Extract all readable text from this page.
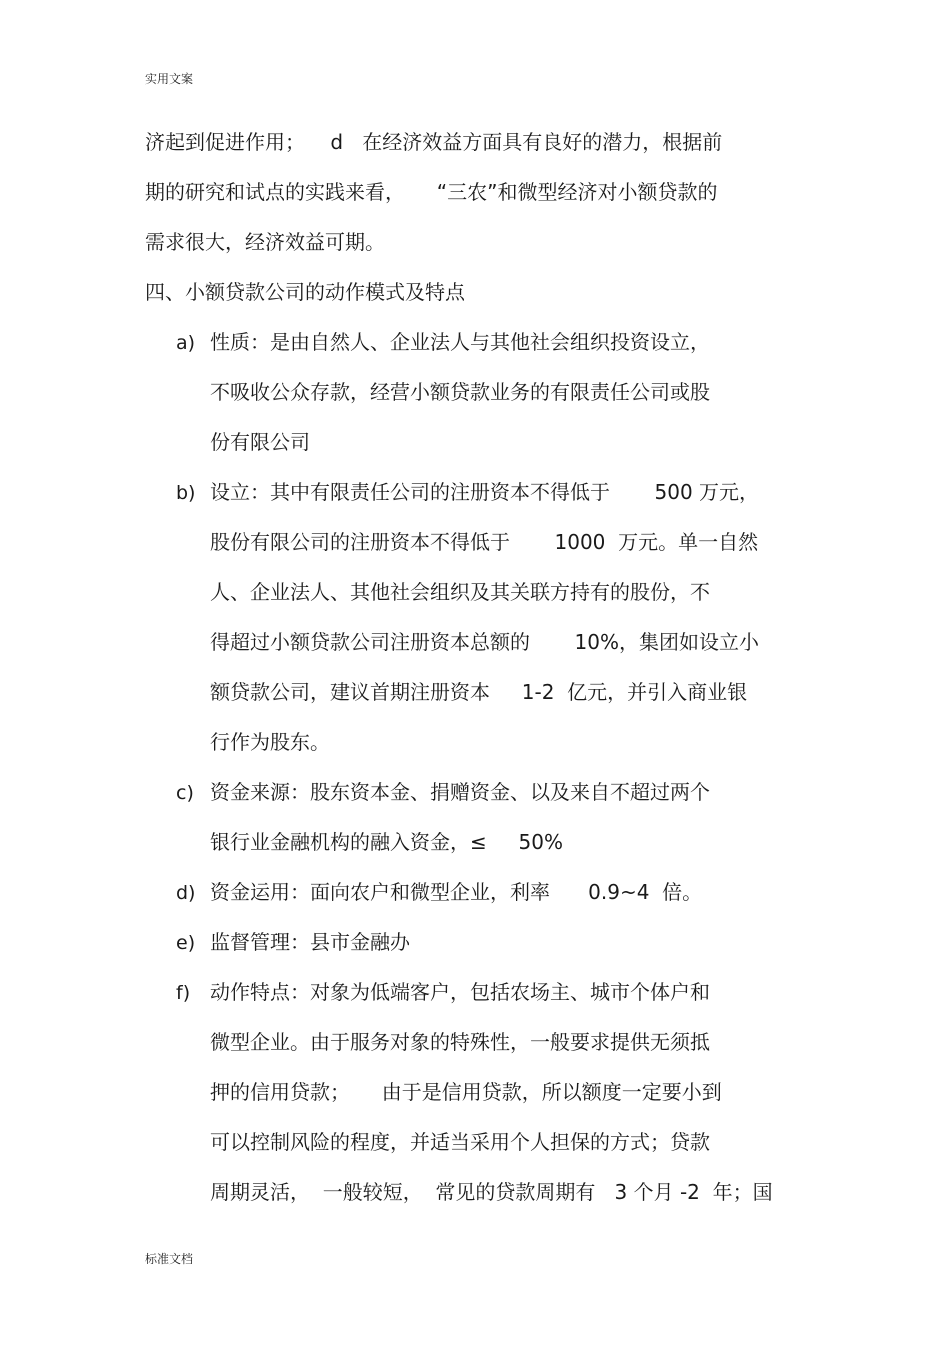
实用文案
济起到促进作用；    d   在经济效益方面具有良好的潜力，根据前
期的研究和试点的实践来看，     “三农”和微型经济对小额贷款的
需求很大，经济效益可期。
四、小额贷款公司的动作模式及特点
a) 性质：是由自然人、企业法人与其他社会组织投资设立，
不吸收公众存款，经营小额贷款业务的有限责任公司或股
份有限公司
b) 设立：其中有限责任公司的注册资本不得低于       500 万元，
股份有限公司的注册资本不得低于       1000  万元。单一自然
人、企业法人、其他社会组织及其关联方持有的股份，不
得超过小额贷款公司注册资本总额的       10%，集团如设立小
额贷款公司，建议首期注册资本     1-2  亿元，并引入商业银
行作为股东。
c) 资金来源：股东资本金、捐赠资金、以及来自不超过两个
银行业金融机构的融入资金，≤     50%
d) 资金运用：面向农户和微型企业，利率      0.9~4  倍。
e) 监督管理：县市金融办
f) 动作特点：对象为低端客户，包括农场主、城市个体户和
微型企业。由于服务对象的特殊性，一般要求提供无须抵
押的信用贷款；     由于是信用贷款，所以额度一定要小到
可以控制风险的程度，并适当采用个人担保的方式；贷款
周期灵活，  一般较短，  常见的贷款周期有   3 个月 -2  年；国
标准文档
